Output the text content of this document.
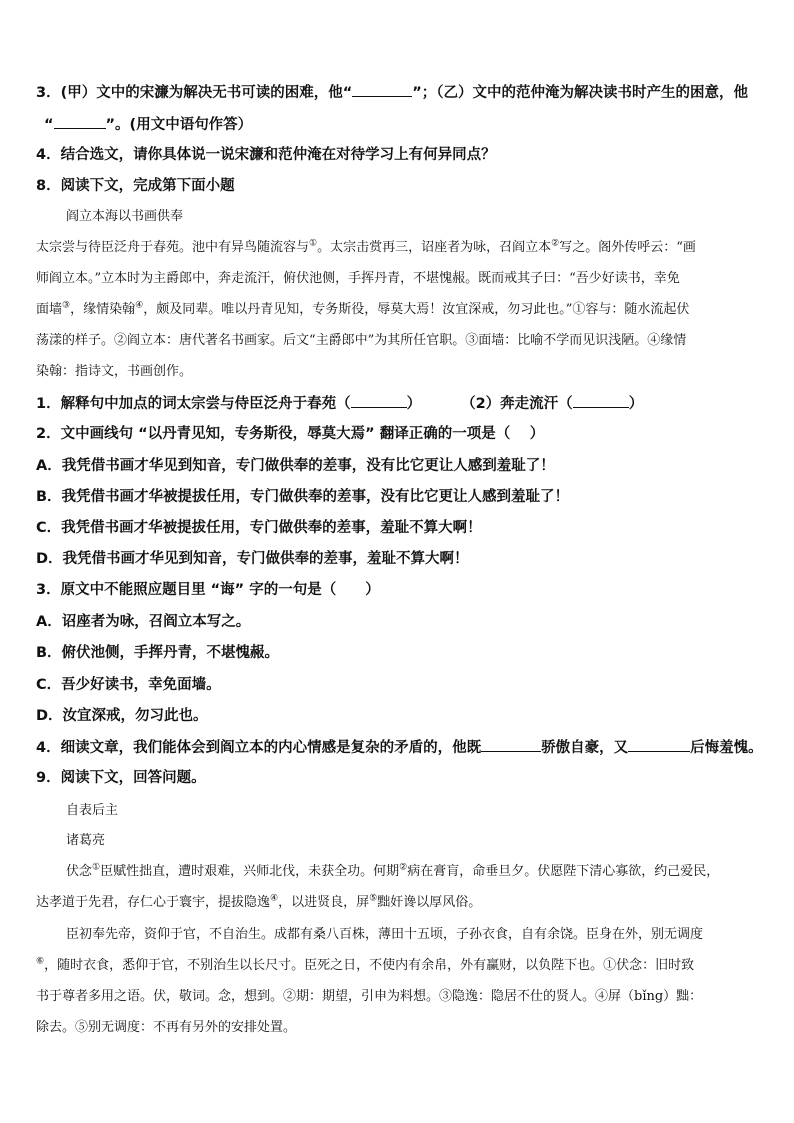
3．(甲）文中的宋濂为解决无书可读的困难，他“	”；（乙）文中的范仲淹为解决读书时产生的困意，他
“	”。(用文中语句作答）
4．结合选文，请你具体说一说宋濂和范仲淹在对待学习上有何异同点？
8．阅读下文，完成第下面小题
阎立本海以书画供奉
太宗尝与待臣泛舟于春苑。池中有异鸟随流容与①。太宗击赏再三，诏座者为咏，召阎立本②写之。阁外传呼云：“画
师阎立本。”立本时为主爵郎中，奔走流汗，俯伏池侧，手挥丹青，不堪愧赧。既而戒其子曰：“吾少好读书，幸免
面墙③，缘情染翰④，颇及同辈。唯以丹青见知，专务斯役，辱莫大焉！汝宜深戒，勿习此也。”①容与：随水流起伏
荡漾的样子。②阎立本：唐代著名书画家。后文“主爵郎中”为其所任官职。③面墙：比喻不学而见识浅陋。④缘情
染翰：指诗文，书画创作。
1．解释句中加点的词太宗尝与侍臣泛舟于春苑（	）	（2）奔走流汗（	）
2．文中画线句 “以丹青见知，专务斯役，辱莫大焉” 翻译正确的一项是（　 ）
A．我凭借书画才华见到知音，专门做供奉的差事，没有比它更让人感到羞耻了！
B．我凭借书画才华被提拔任用，专门做供奉的差事，没有比它更让人感到羞耻了！
C．我凭借书画才华被提拔任用，专门做供奉的差事，羞耻不算大啊！
D．我凭借书画才华见到知音，专门做供奉的差事，羞耻不算大啊！
3．原文中不能照应题目里 “诲” 字的一句是（　　）
A．诏座者为咏，召阎立本写之。
B．俯伏池侧，手挥丹青，不堪愧赧。
C．吾少好读书，幸免面墙。
D．汝宜深戒，勿习此也。
4．细读文章，我们能体会到阎立本的内心情感是复杂的矛盾的，他既	骄傲自豪，又	后悔羞愧。
9．阅读下文，回答问题。
自表后主
诸葛亮
伏念①臣赋性拙直，遭时艰难，兴师北伐，未获全功。何期②病在膏肓，命垂旦夕。伏愿陛下清心寡欲，约己爱民，
达孝道于先君，存仁心于寰宇，提拔隐逸④，以进贤良，屏⑤黜奸谗以厚风俗。
臣初奉先帝，资仰于官，不自治生。成都有桑八百株，薄田十五顷，子孙衣食，自有余饶。臣身在外，别无调度
⑥，随时衣食，悉仰于官，不别治生以长尺寸。臣死之日，不使内有余帛，外有赢财，以负陛下也。①伏念：旧时致
书于尊者多用之语。伏，敬词。念，想到。②期：期望，引申为料想。③隐逸：隐居不仕的贤人。④屏（bǐng）黜：
除去。⑤别无调度：不再有另外的安排处置。
